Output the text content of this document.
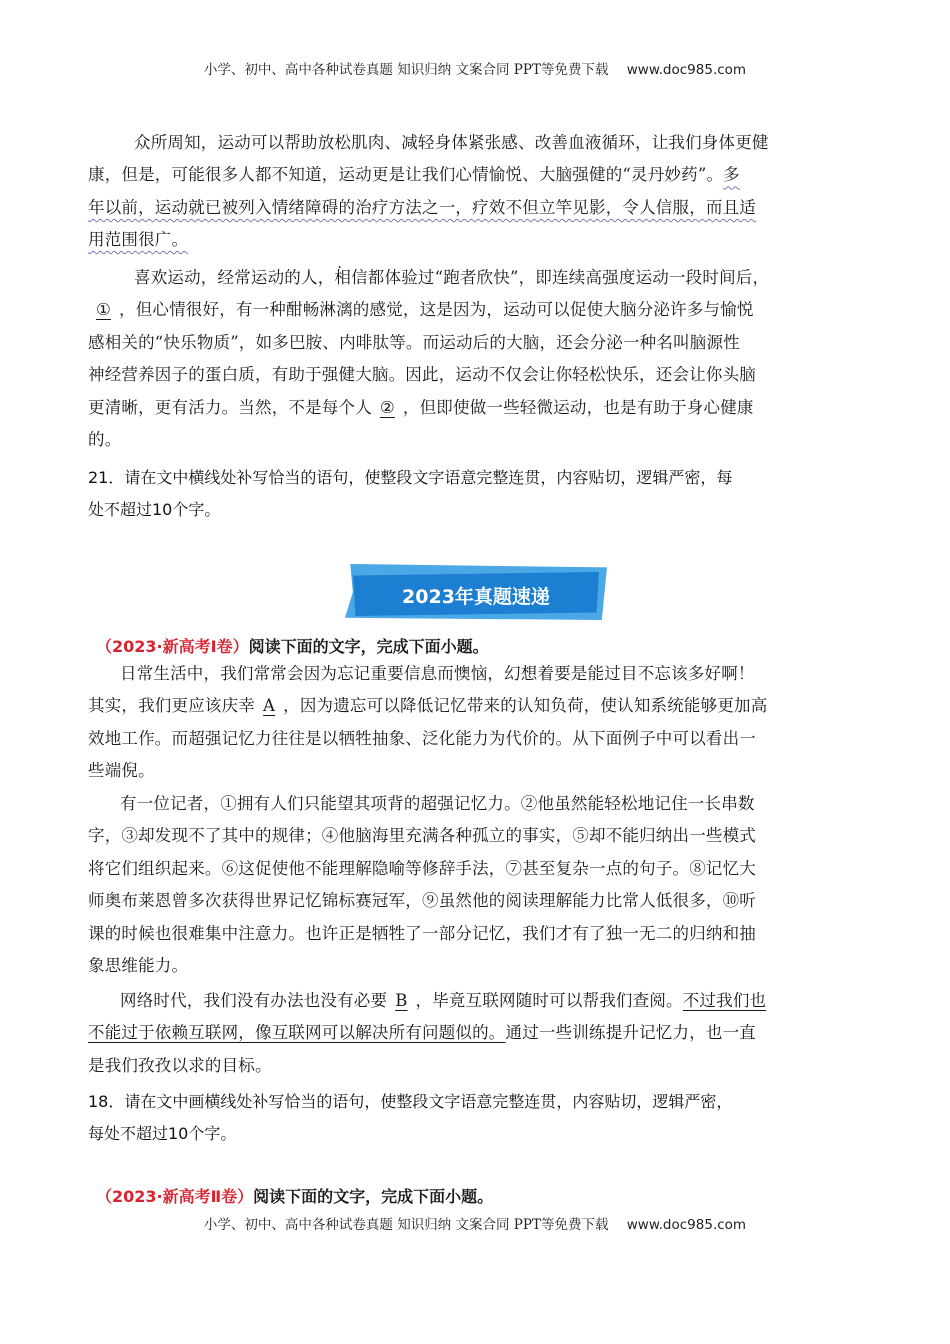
小学、初中、高中各种试卷真题 知识归纳 文案合同 PPT等免费下载 www.doc985.com
众所周知，运动可以帮助放松肌肉、减轻身体紧张感、改善血液循环，让我们身体更健
康，但是，可能很多人都不知道，运动更是让我们心情愉悦、大脑强健的“灵丹妙药”。多
年以前，运动就已被列入情绪障碍的治疗方法之一，疗效不但立竿见影，令人信服，而且适
用范围很广。
喜欢运动，经常运动的人，相信都体验过“跑者欣快”，即连续高强度运动一段时间后，
① ，但心情很好，有一种酣畅淋漓的感觉，这是因为，运动可以促使大脑分泌许多与愉悦
感相关的“快乐物质”，如多巴胺、内啡肽等。而运动后的大脑，还会分泌一种名叫脑源性
神经营养因子的蛋白质，有助于强健大脑。因此，运动不仅会让你轻松快乐，还会让你头脑
更清晰，更有活力。当然，不是每个人 ② ，但即使做一些轻微运动，也是有助于身心健康
的。
21．请在文中横线处补写恰当的语句，使整段文字语意完整连贯，内容贴切，逻辑严密，每
处不超过10个字。
2023年真题速递
（2023·新高考Ⅰ卷）阅读下面的文字，完成下面小题。
日常生活中，我们常常会因为忘记重要信息而懊恼，幻想着要是能过目不忘该多好啊！
其实，我们更应该庆幸 A ，因为遗忘可以降低记忆带来的认知负荷，使认知系统能够更加高
效地工作。而超强记忆力往往是以牺牲抽象、泛化能力为代价的。从下面例子中可以看出一
些端倪。
有一位记者，①拥有人们只能望其项背的超强记忆力。②他虽然能轻松地记住一长串数
字，③却发现不了其中的规律；④他脑海里充满各种孤立的事实，⑤却不能归纳出一些模式
将它们组织起来。⑥这促使他不能理解隐喻等修辞手法，⑦甚至复杂一点的句子。⑧记忆大
师奥布莱恩曾多次获得世界记忆锦标赛冠军，⑨虽然他的阅读理解能力比常人低很多，⑩听
课的时候也很难集中注意力。也许正是牺牲了一部分记忆，我们才有了独一无二的归纳和抽
象思维能力。
网络时代，我们没有办法也没有必要 B ，毕竟互联网随时可以帮我们查阅。不过我们也
不能过于依赖互联网，像互联网可以解决所有问题似的。通过一些训练提升记忆力，也一直
是我们孜孜以求的目标。
18．请在文中画横线处补写恰当的语句，使整段文字语意完整连贯，内容贴切，逻辑严密，
每处不超过10个字。
（2023·新高考Ⅱ卷）阅读下面的文字，完成下面小题。
小学、初中、高中各种试卷真题 知识归纳 文案合同 PPT等免费下载 www.doc985.com
